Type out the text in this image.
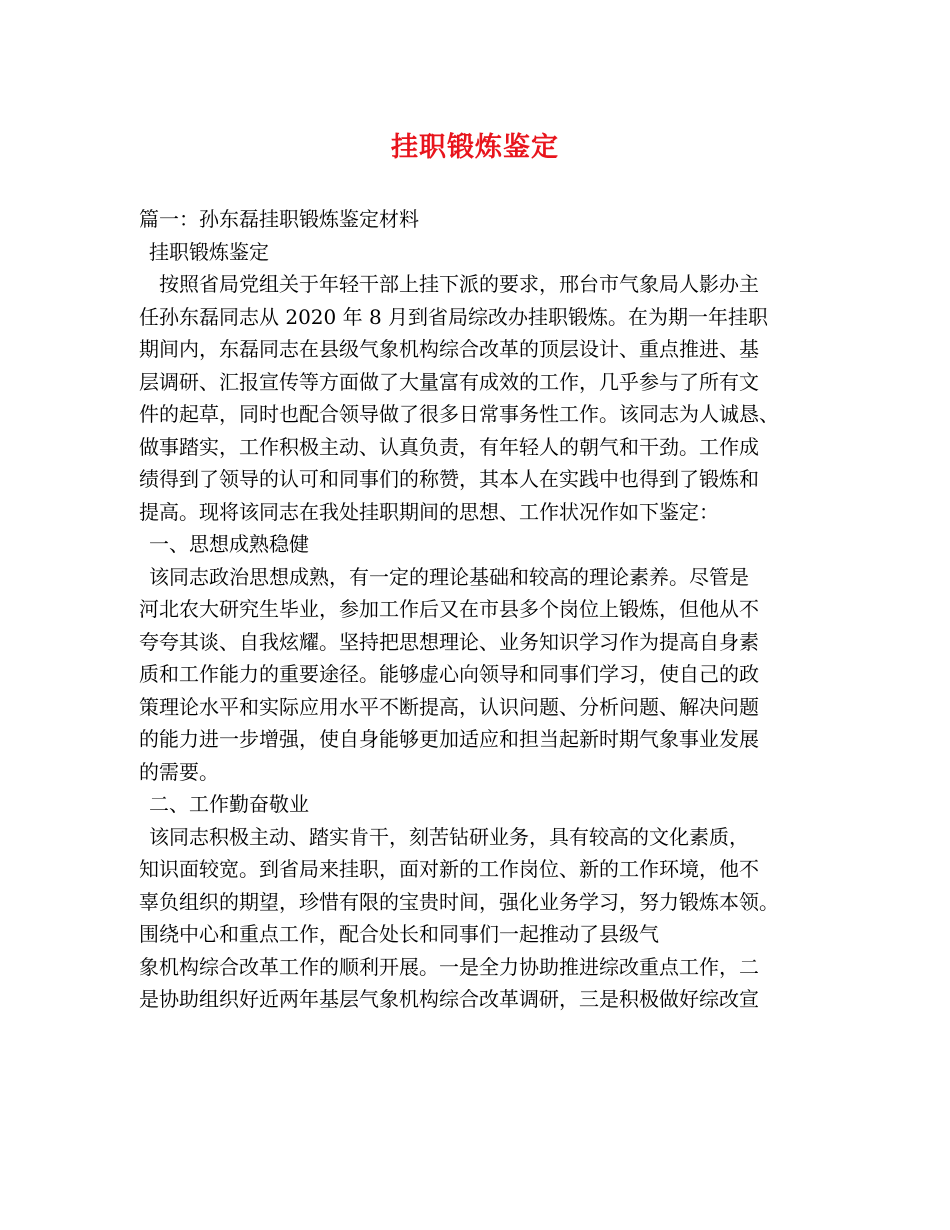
挂职锻炼鉴定
篇一：孙东磊挂职锻炼鉴定材料
挂职锻炼鉴定
按照省局党组关于年轻干部上挂下派的要求，邢台市气象局人影办主
任孙东磊同志从 2020 年 8 月到省局综改办挂职锻炼。在为期一年挂职
期间内，东磊同志在县级气象机构综合改革的顶层设计、重点推进、基
层调研、汇报宣传等方面做了大量富有成效的工作，几乎参与了所有文
件的起草，同时也配合领导做了很多日常事务性工作。该同志为人诚恳、
做事踏实，工作积极主动、认真负责，有年轻人的朝气和干劲。工作成
绩得到了领导的认可和同事们的称赞，其本人在实践中也得到了锻炼和
提高。现将该同志在我处挂职期间的思想、工作状况作如下鉴定：
一、思想成熟稳健
该同志政治思想成熟，有一定的理论基础和较高的理论素养。尽管是
河北农大研究生毕业，参加工作后又在市县多个岗位上锻炼，但他从不
夸夸其谈、自我炫耀。坚持把思想理论、业务知识学习作为提高自身素
质和工作能力的重要途径。能够虚心向领导和同事们学习，使自己的政
策理论水平和实际应用水平不断提高，认识问题、分析问题、解决问题
的能力进一步增强，使自身能够更加适应和担当起新时期气象事业发展
的需要。
二、工作勤奋敬业
该同志积极主动、踏实肯干，刻苦钻研业务，具有较高的文化素质，
知识面较宽。到省局来挂职，面对新的工作岗位、新的工作环境，他不
辜负组织的期望，珍惜有限的宝贵时间，强化业务学习，努力锻炼本领。
围绕中心和重点工作，配合处长和同事们一起推动了县级气
象机构综合改革工作的顺利开展。一是全力协助推进综改重点工作，二
是协助组织好近两年基层气象机构综合改革调研，三是积极做好综改宣
